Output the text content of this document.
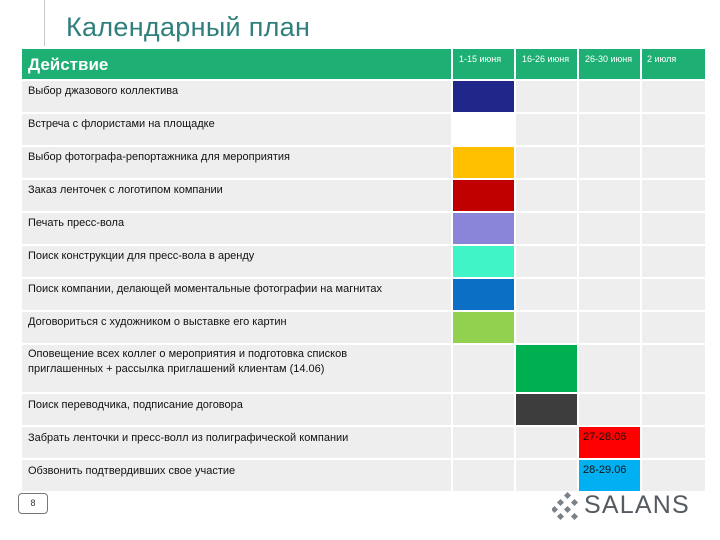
Календарный план
Действие	1-15 июня 16-26 июня 26-30 июня 2 июля
Выбор джазового коллектива
Встреча с флористами на площадке
Выбор фотографа-репортажника для мероприятия
Заказ ленточек с логотипом компании
Печать пресс-вола
Поиск конструкции для пресс-вола в аренду
Поиск компании, делающей моментальные фотографии на магнитах
Договориться с художником о выставке его картин
Оповещение всех коллег о мероприятия и подготовка списков
приглашенных + рассылка приглашений клиентам (14.06)
Поиск переводчика, подписание договора
Забрать ленточки и пресс-волл из полиграфической компании
Обзвонить подтвердивших свое участие
27-28.06
28-29.06
8	SALANS
